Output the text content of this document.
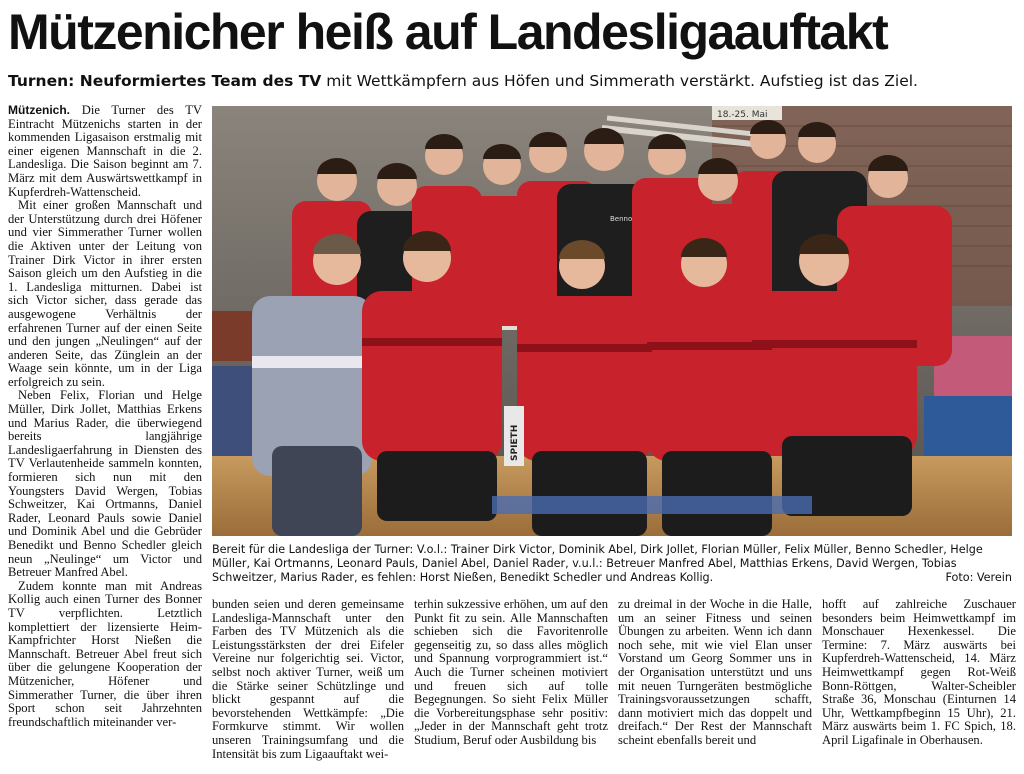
Mützenicher heiß auf Landesligaauftakt
Turnen: Neuformiertes Team des TV mit Wettkämpfern aus Höfen und Simmerath verstärkt. Aufstieg ist das Ziel.

Mützenich. Die Turner des TV Eintracht Mützenichs starten in der kommenden Ligasaison erstmalig mit einer eigenen Mannschaft in die 2. Landesliga. Die Saison beginnt am 7. März mit dem Auswärtswettkampf in Kupferdreh-Wattenscheid.

Mit einer großen Mannschaft und der Unterstützung durch drei Höfener und vier Simmerather Turner wollen die Aktiven unter der Leitung von Trainer Dirk Victor in ihrer ersten Saison gleich um den Aufstieg in die 1. Landesliga mitturnen. Dabei ist sich Victor sicher, dass gerade das ausgewogene Verhältnis der erfahrenen Turner auf der einen Seite und den jungen „Neulingen“ auf der anderen Seite, das Zünglein an der Waage sein könnte, um in der Liga erfolgreich zu sein.

Neben Felix, Florian und Helge Müller, Dirk Jollet, Matthias Erkens und Marius Rader, die überwiegend bereits langjährige Landesligaerfahrung in Diensten des TV Verlautenheide sammeln konnten, formieren sich nun mit den Youngsters David Wergen, Tobias Schweitzer, Kai Ortmanns, Daniel Rader, Leonard Pauls sowie Daniel und Dominik Abel und die Gebrüder Benedikt und Benno Schedler gleich neun „Neulinge“ um Victor und Betreuer Manfred Abel.

Zudem konnte man mit Andreas Kollig auch einen Turner des Bonner TV verpflichten. Letztlich komplettiert der lizensierte Heim-Kampfrichter Horst Nießen die Mannschaft. Betreuer Abel freut sich über die gelungene Kooperation der Mützenicher, Höfener und Simmerather Turner, die über ihren Sport schon seit Jahrzehnten freundschaftlich miteinander ver-

18.-25. Mai
Benno
SPIETH
Bereit für die Landesliga der Turner: V.o.l.: Trainer Dirk Victor, Dominik Abel, Dirk Jollet, Florian Müller, Felix Müller, Benno Schedler, Helge Müller, Kai Ortmanns, Leonard Pauls, Daniel Abel, Daniel Rader, v.u.l.: Betreuer Manfred Abel, Matthias Erkens, David Wergen, Tobias Schweitzer, Marius Rader, es fehlen: Horst Nießen, Benedikt Schedler und Andreas Kollig.	Foto: Verein

bunden seien und deren gemeinsame Landesliga-Mannschaft unter den Farben des TV Mützenich als die Leistungsstärksten der drei Eifeler Vereine nur folgerichtig sei. Victor, selbst noch aktiver Turner, weiß um die Stärke seiner Schützlinge und blickt gespannt auf die bevorstehenden Wettkämpfe: „Die Formkurve stimmt. Wir wollen unseren Trainingsumfang und die Intensität bis zum Ligaauftakt wei-

terhin sukzessive erhöhen, um auf den Punkt fit zu sein. Alle Mannschaften schieben sich die Favoritenrolle gegenseitig zu, so dass alles möglich und Spannung vorprogrammiert ist.“ Auch die Turner scheinen motiviert und freuen sich auf tolle Begegnungen. So sieht Felix Müller die Vorbereitungsphase sehr positiv: „Jeder in der Mannschaft geht trotz Studium, Beruf oder Ausbildung bis

zu dreimal in der Woche in die Halle, um an seiner Fitness und seinen Übungen zu arbeiten. Wenn ich dann noch sehe, mit wie viel Elan unser Vorstand um Georg Sommer uns in der Organisation unterstützt und uns mit neuen Turngeräten bestmögliche Trainingsvoraussetzungen schafft, dann motiviert mich das doppelt und dreifach.“ Der Rest der Mannschaft scheint ebenfalls bereit und

hofft auf zahlreiche Zuschauer besonders beim Heimwettkampf im Monschauer Hexenkessel. Die Termine: 7. März auswärts bei Kupferdreh-Wattenscheid, 14. März Heimwettkampf gegen Rot-Weiß Bonn-Röttgen, Walter-Scheibler Straße 36, Monschau (Einturnen 14 Uhr, Wettkampfbeginn 15 Uhr), 21. März auswärts beim 1. FC Spich, 18. April Ligafinale in Oberhausen.
